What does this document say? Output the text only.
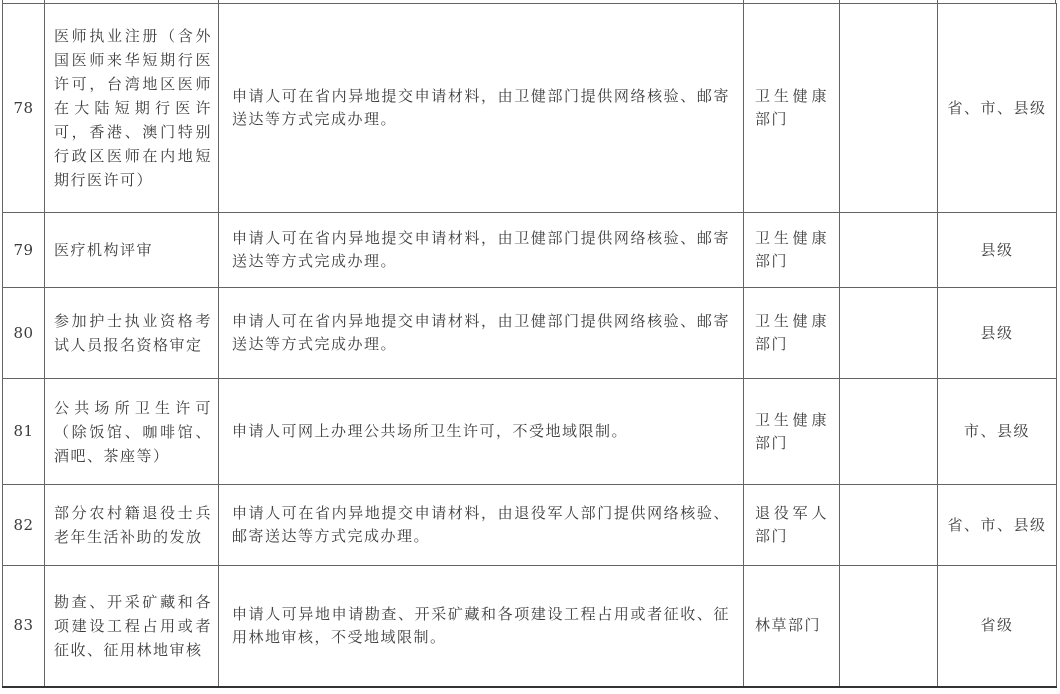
78	医师执业注册（含外国医师来华短期行医许可，台湾地区医师在大陆短期行医许可，香港、澳门特别行政区医师在内地短期行医许可）	申请人可在省内异地提交申请材料，由卫健部门提供网络核验、邮寄送达等方式完成办理。	卫生健康部门		省、市、县级
79	医疗机构评审	申请人可在省内异地提交申请材料，由卫健部门提供网络核验、邮寄送达等方式完成办理。	卫生健康部门		县级
80	参加护士执业资格考试人员报名资格审定	申请人可在省内异地提交申请材料，由卫健部门提供网络核验、邮寄送达等方式完成办理。	卫生健康部门		县级
81	公共场所卫生许可（除饭馆、咖啡馆、酒吧、茶座等）	申请人可网上办理公共场所卫生许可，不受地域限制。	卫生健康部门		市、县级
82	部分农村籍退役士兵老年生活补助的发放	申请人可在省内异地提交申请材料，由退役军人部门提供网络核验、邮寄送达等方式完成办理。	退役军人部门		省、市、县级
83	勘查、开采矿藏和各项建设工程占用或者征收、征用林地审核	申请人可异地申请勘查、开采矿藏和各项建设工程占用或者征收、征用林地审核，不受地域限制。	林草部门		省级
